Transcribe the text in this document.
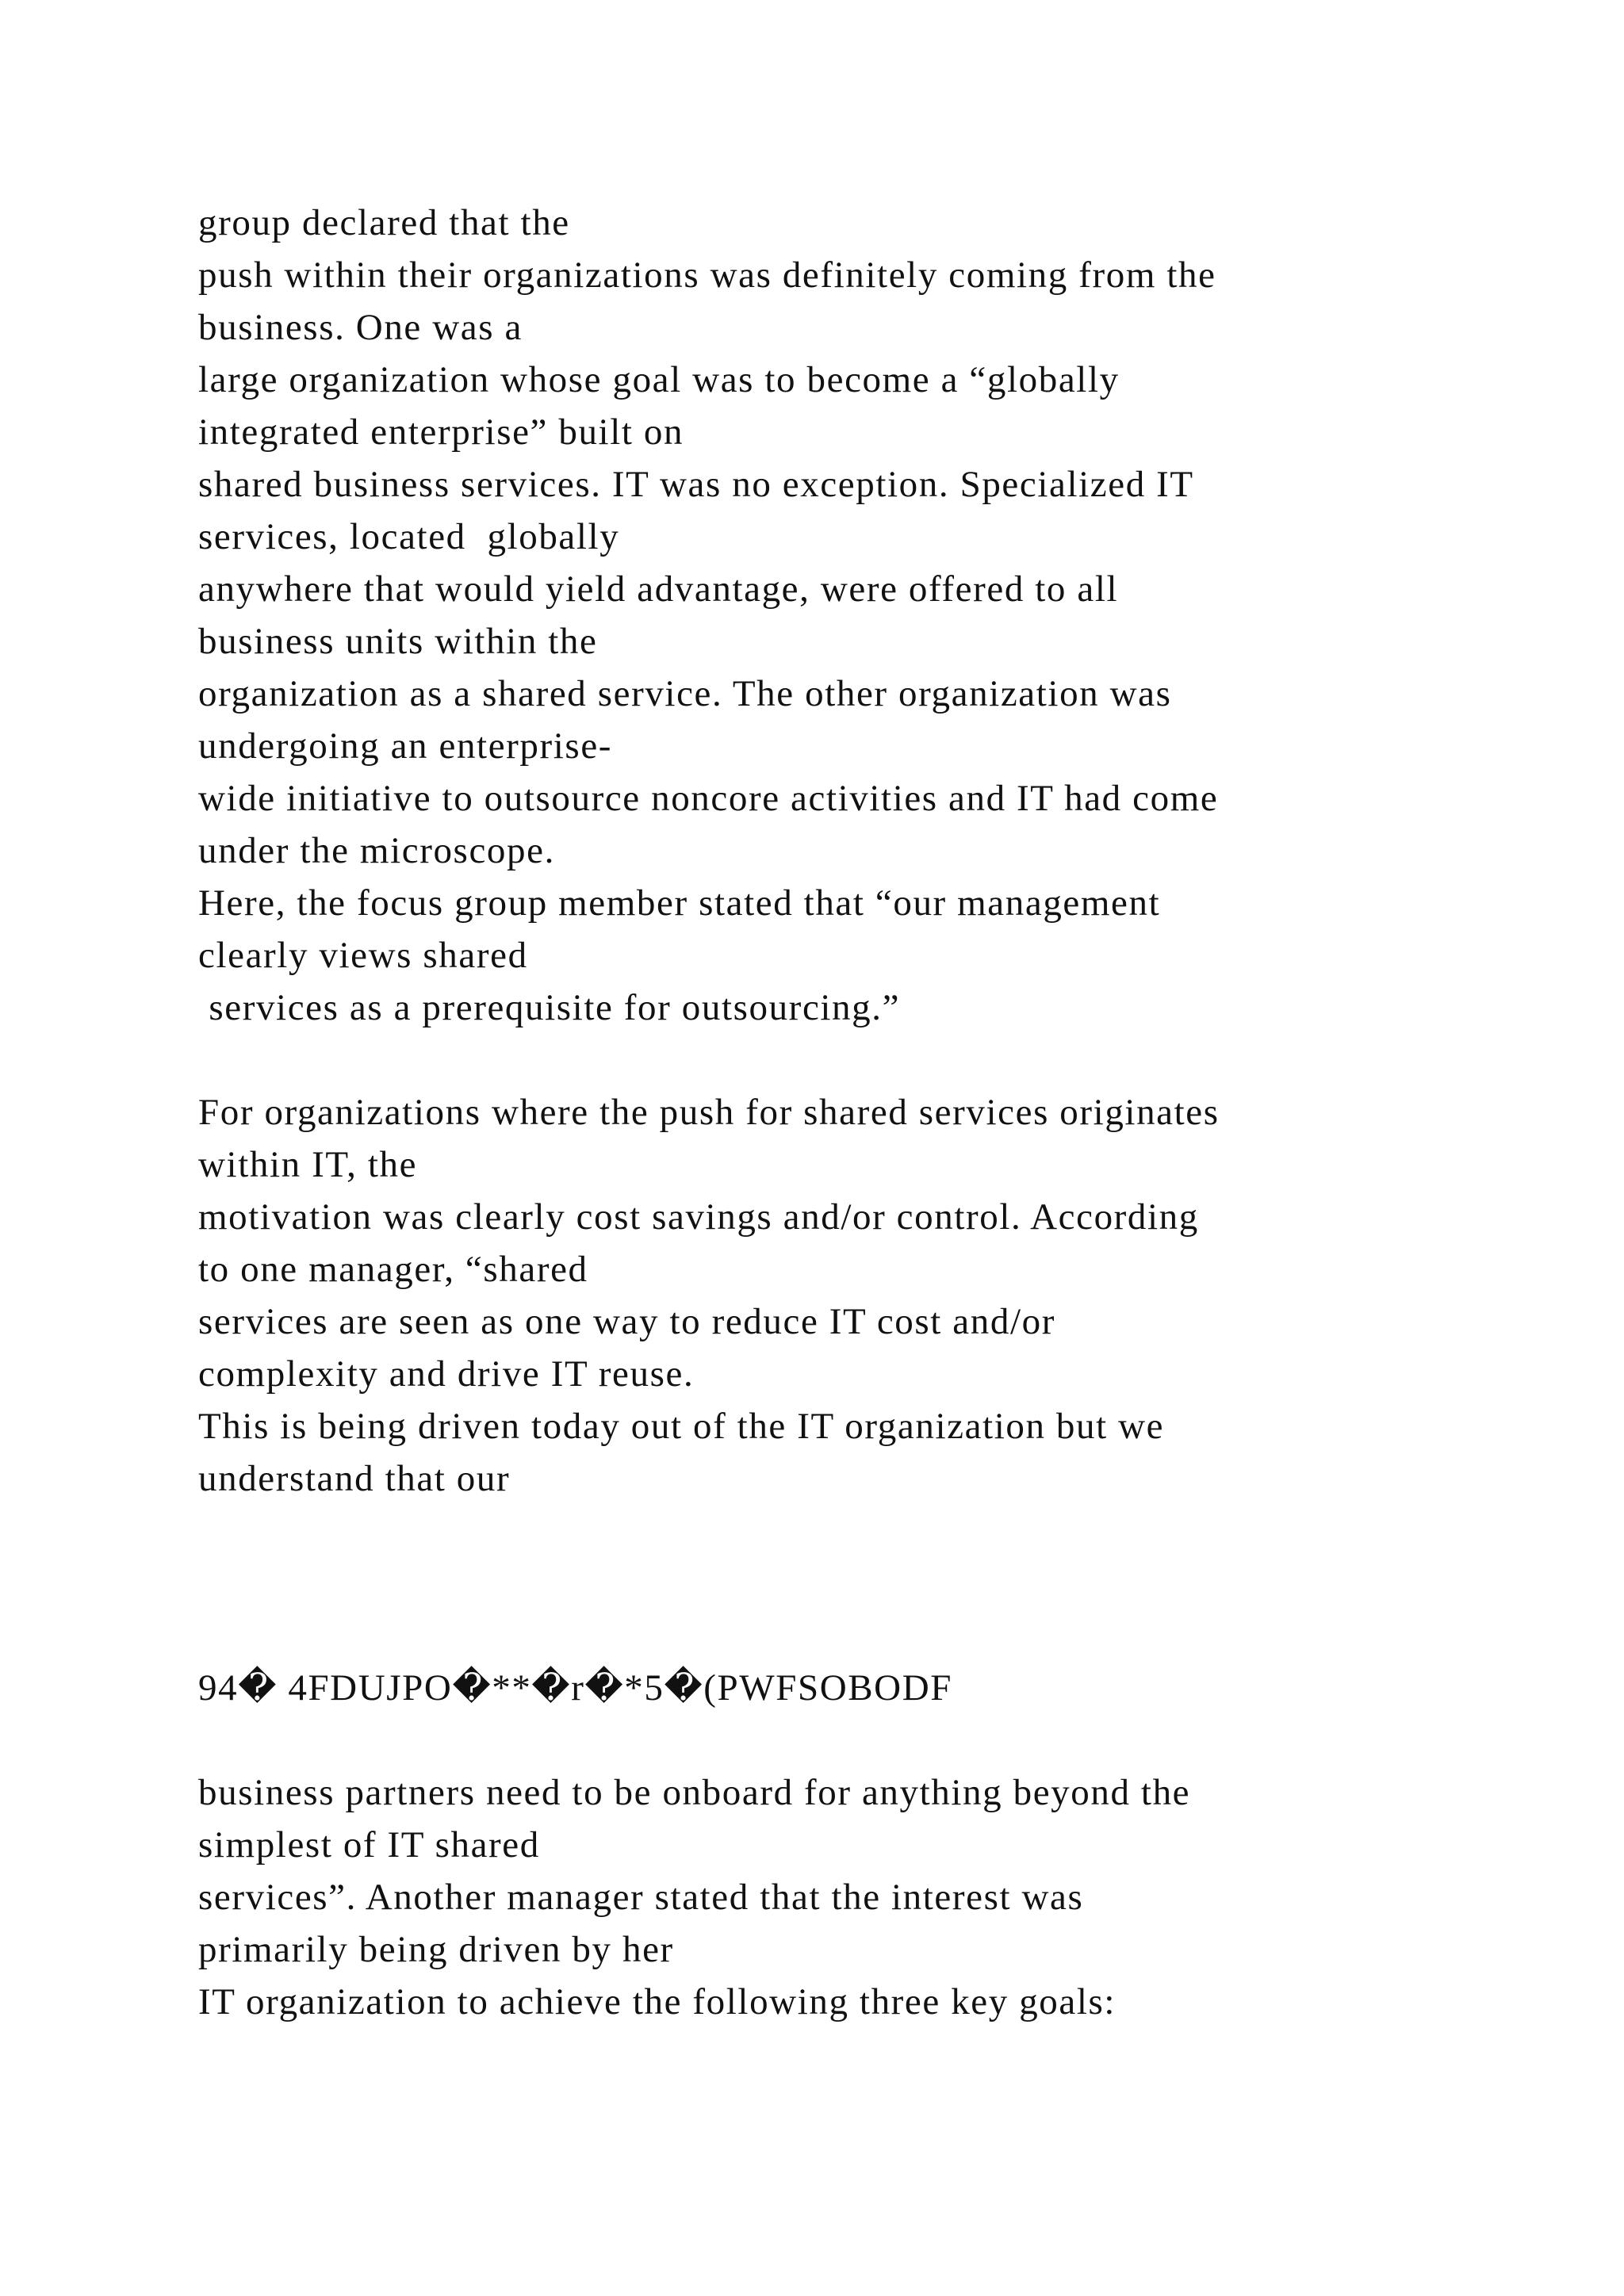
group declared that the
push within their organizations was definitely coming from the
business. One was a
large organization whose goal was to become a “globally
integrated enterprise” built on
shared business services. IT was no exception. Specialized IT
services, located  globally
anywhere that would yield advantage, were offered to all
business units within the
organization as a shared service. The other organization was
undergoing an enterprise-
wide initiative to outsource noncore activities and IT had come
under the microscope.
Here, the focus group member stated that “our management
clearly views shared
services as a prerequisite for outsourcing.”
For organizations where the push for shared services originates
within IT, the
motivation was clearly cost savings and/or control. According
to one manager, “shared
services are seen as one way to reduce IT cost and/or
complexity and drive IT reuse.
This is being driven today out of the IT organization but we
understand that our
94� 4FDUJPO�**�r�*5�(PWFSOBODF
business partners need to be onboard for anything beyond the
simplest of IT shared
services”. Another manager stated that the interest was
primarily being driven by her
IT organization to achieve the following three key goals:
